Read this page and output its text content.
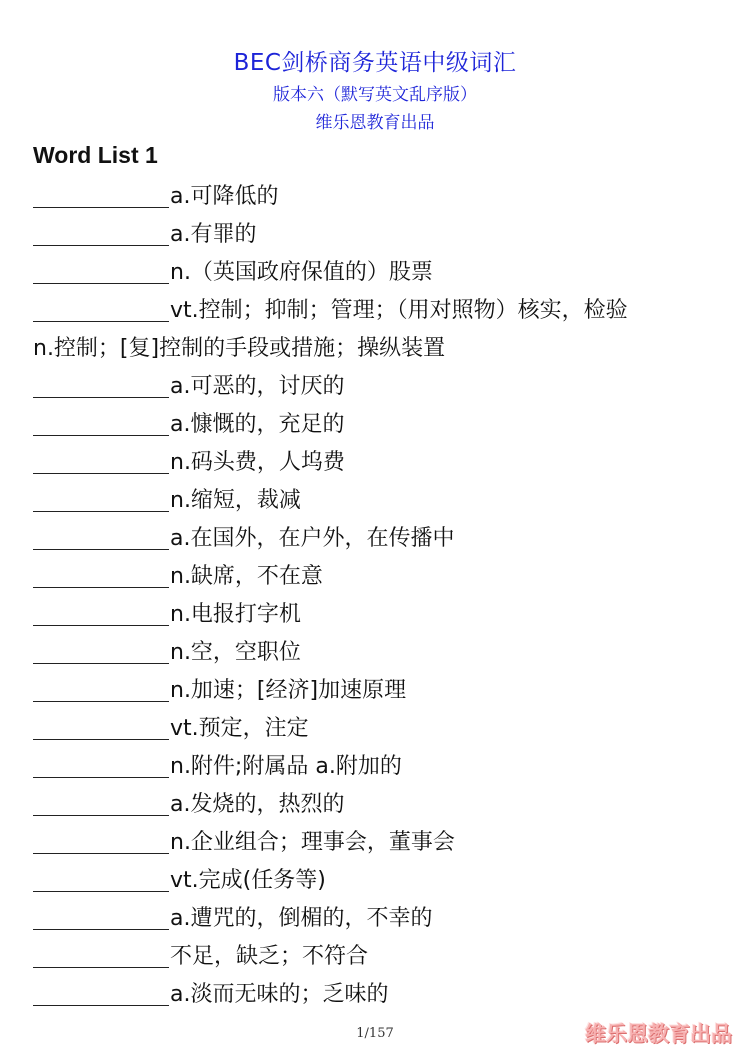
BEC剑桥商务英语中级词汇
版本六（默写英文乱序版）
维乐恩教育出品
Word List 1
a.可降低的
a.有罪的
n.（英国政府保值的）股票
vt.控制；抑制；管理；（用对照物）核实，检验
n.控制；[复]控制的手段或措施；操纵装置
a.可恶的，讨厌的
a.慷慨的，充足的
n.码头费，人坞费
n.缩短，裁减
a.在国外，在户外，在传播中
n.缺席，不在意
n.电报打字机
n.空，空职位
n.加速；[经济]加速原理
vt.预定，注定
n.附件;附属品 a.附加的
a.发烧的，热烈的
n.企业组合；理事会，董事会
vt.完成(任务等)
a.遭咒的，倒楣的，不幸的
不足，缺乏；不符合
a.淡而无味的；乏味的
1/157	维乐恩教育出品
